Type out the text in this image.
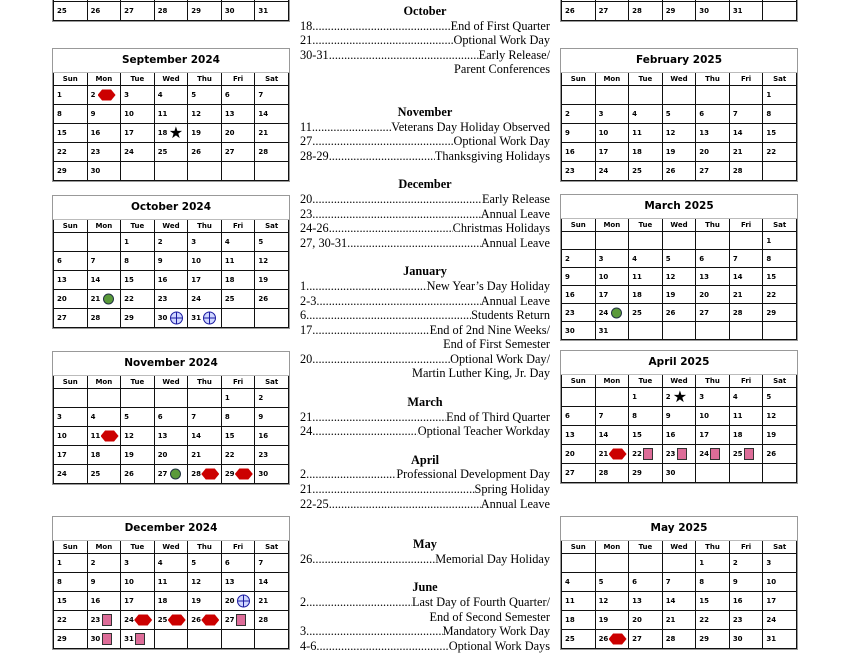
25	26	27	28	29	30	31
September 2024
Sun	Mon	Tue	Wed	Thu	Fri	Sat
1	2	3	4	5	6	7
8	9	10	11	12	13	14
15	16	17	18 ★	19	20	21
22	23	24	25	26	27	28
29	30					
October 2024
Sun	Mon	Tue	Wed	Thu	Fri	Sat
		1	2	3	4	5
6	7	8	9	10	11	12
13	14	15	16	17	18	19
20	21	22	23	24	25	26
27	28	29	30	31

November 2024
Sun	Mon	Tue	Wed	Thu	Fri	Sat
					1	2
3	4	5	6	7	8	9
10	11	12	13	14	15	16
17	18	19	20	21	22	23
24	25	26	27	28	29	30
December 2024
Sun	Mon	Tue	Wed	Thu	Fri	Sat
1	2	3	4	5	6	7
8	9	10	11	12	13	14
15	16	17	18	19	20	21
22	23	24	25	26	27	28
29	30	31

26	27	28	29	30	31	
February 2025
Sun	Mon	Tue	Wed	Thu	Fri	Sat
						1
2	3	4	5	6	7	8
9	10	11	12	13	14	15
16	17	18	19	20	21	22
23	24	25	26	27	28	
March 2025
Sun	Mon	Tue	Wed	Thu	Fri	Sat
						1
2	3	4	5	6	7	8
9	10	11	12	13	14	15
16	17	18	19	20	21	22
23	24	25	26	27	28	29
30	31					
April 2025
Sun	Mon	Tue	Wed	Thu	Fri	Sat
		1	2 ★	3	4	5
6	7	8	9	10	11	12
13	14	15	16	17	18	19
20	21	22	23	24	25	26
27	28	29	30			
May 2025
Sun	Mon	Tue	Wed	Thu	Fri	Sat
				1	2	3
4	5	6	7	8	9	10
11	12	13	14	15	16	17
18	19	20	21	22	23	24
25	26	27	28	29	30	31
October
18 .....	End of First Quarter
21 .....	Optional Work Day
30-31 .....	Early Release/
Parent Conferences
November
11 .....	Veterans Day Holiday Observed
27 .....	Optional Work Day
28-29 .....	Thanksgiving Holidays
December
20 .....	Early Release
23 .....	Annual Leave
24-26 .....	Christmas Holidays
27, 30-31 .....	Annual Leave
January
1 .....	New Year’s Day Holiday
2-3 .....	Annual Leave
6 .....	Students Return
17 .....	End of 2nd Nine Weeks/
End of First Semester
20 .....	Optional Work Day/
Martin Luther King, Jr. Day
March
21 .....	End of Third Quarter
24 .....	Optional Teacher Workday
April
2 .....	Professional Development Day
21 .....	Spring Holiday
22-25 .....	Annual Leave
May
26 .....	Memorial Day Holiday
June
2 .....	Last Day of Fourth Quarter/
End of Second Semester
3 .....	Mandatory Work Day
4-6 .....	Optional Work Days
